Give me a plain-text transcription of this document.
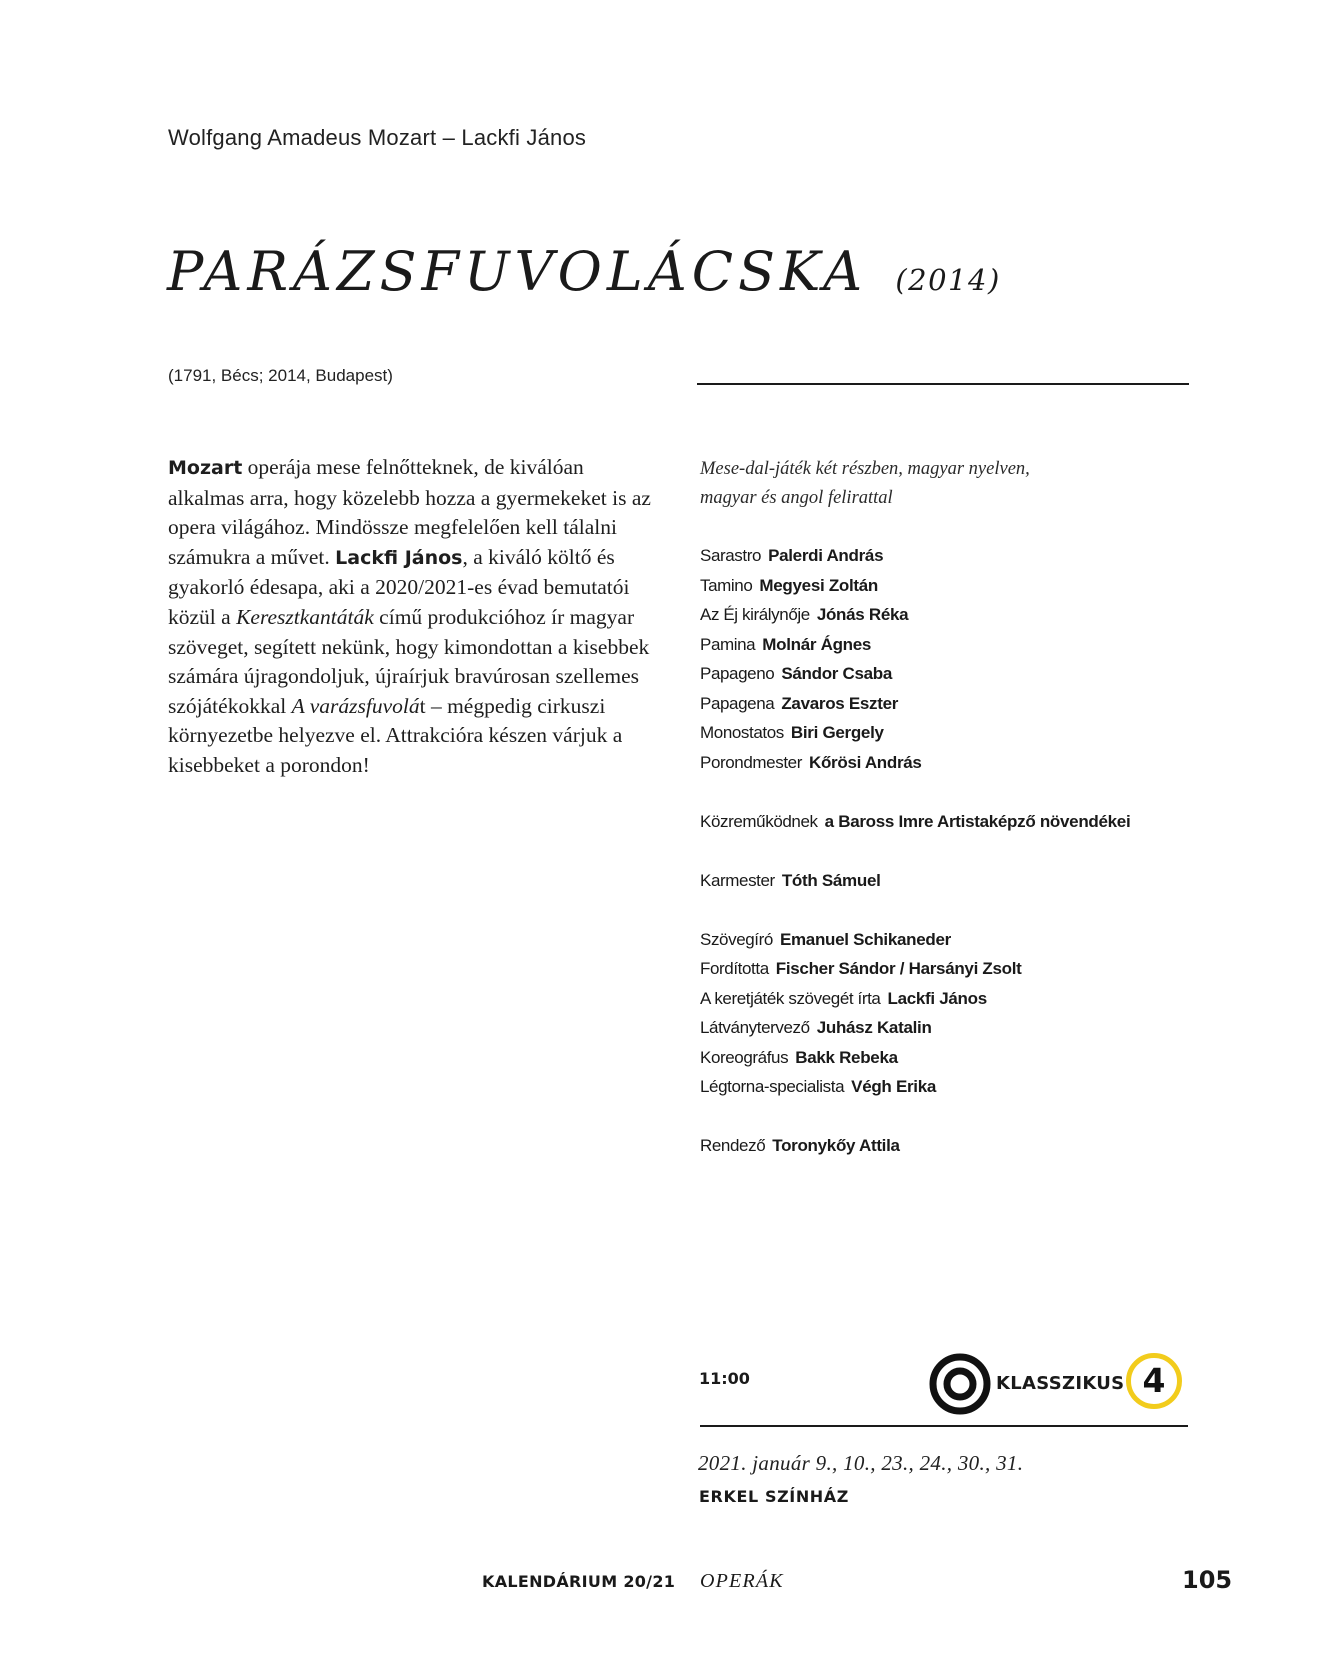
Wolfgang Amadeus Mozart – Lackfi János
PARÁZSFUVOLÁCSKA (2014)
(1791, Bécs; 2014, Budapest)

Mozart operája mese felnőtteknek, de kiválóan alkalmas arra, hogy közelebb hozza a gyermekeket is az opera világához. Mindössze megfelelően kell tálalni számukra a művet. Lackfi János, a kiváló költő és gyakorló édesapa, aki a 2020/2021-es évad bemutatói közül a Keresztkantáták című produkcióhoz ír magyar szöveget, segített nekünk, hogy kimondottan a kisebbek számára újragondoljuk, újraírjuk bravúrosan szellemes szójátékokkal A varázsfuvolát – mégpedig cirkuszi környezetbe helyezve el. Attrakcióra készen várjuk a kisebbeket a porondon!

Mese-dal-játék két részben, magyar nyelven,
magyar és angol felirattal
Sarastro Palerdi András
Tamino Megyesi Zoltán
Az Éj királynője Jónás Réka
Pamina Molnár Ágnes
Papageno Sándor Csaba
Papagena Zavaros Eszter
Monostatos Biri Gergely
Porondmester Kőrösi András
Közreműködnek a Baross Imre Artistaképző növendékei
Karmester Tóth Sámuel
Szövegíró Emanuel Schikaneder
Fordította Fischer Sándor / Harsányi Zsolt
A keretjáték szövegét írta Lackfi János
Látványtervező Juhász Katalin
Koreográfus Bakk Rebeka
Légtorna-specialista Végh Erika
Rendező Toronykőy Attila
11:00	KLASSZIKUS 4
2021. január 9., 10., 23., 24., 30., 31.
ERKEL SZÍNHÁZ
KALENDÁRIUM 20/21 OPERÁK	105
